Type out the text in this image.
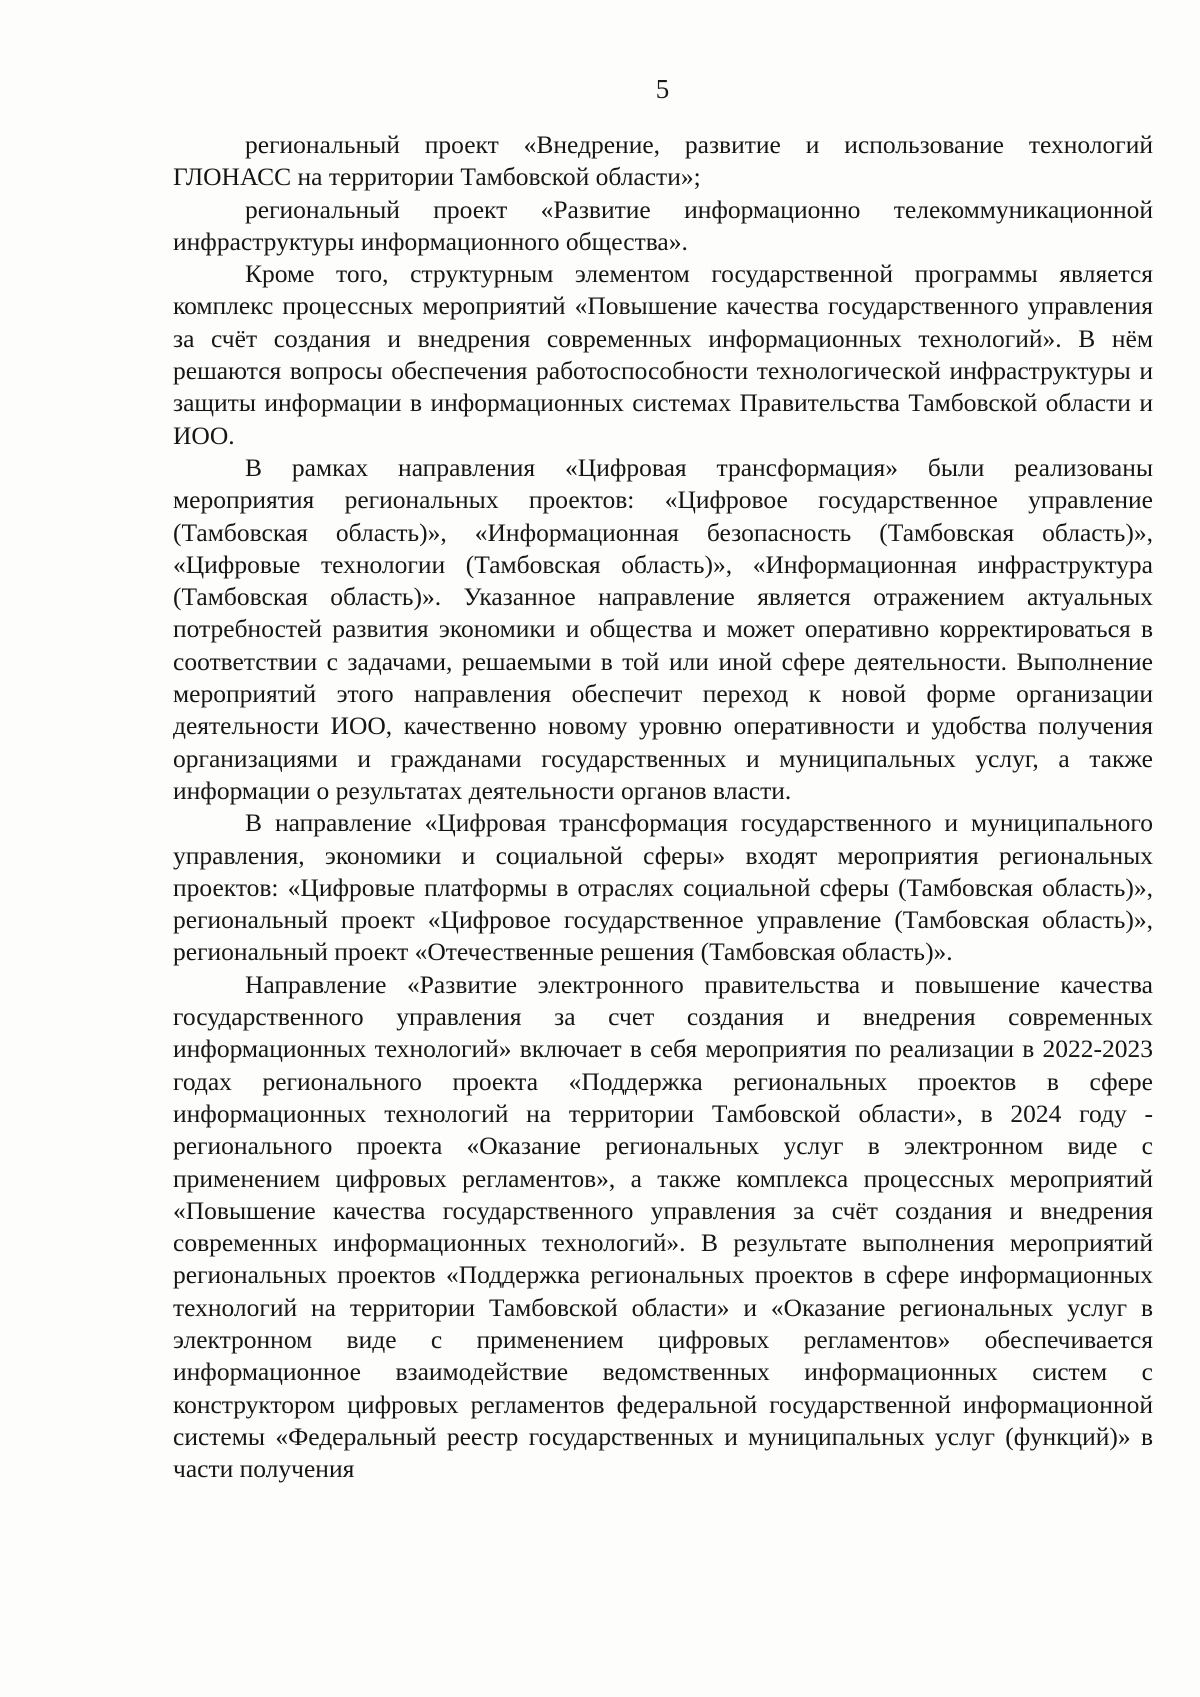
5

региональный проект «Внедрение, развитие и использование технологий ГЛОНАСС на территории Тамбовской области»;

региональный проект «Развитие информационно телекоммуникационной инфраструктуры информационного общества».

Кроме того, структурным элементом государственной программы является комплекс процессных мероприятий «Повышение качества государственного управления за счёт создания и внедрения современных информационных технологий». В нём решаются вопросы обеспечения работоспособности технологической инфраструктуры и защиты информации в информационных системах Правительства Тамбовской области и ИОО.

В рамках направления «Цифровая трансформация» были реализованы мероприятия региональных проектов: «Цифровое государственное управление (Тамбовская область)», «Информационная безопасность (Тамбовская область)», «Цифровые технологии (Тамбовская область)», «Информационная инфраструктура (Тамбовская область)». Указанное направление является отражением актуальных потребностей развития экономики и общества и может оперативно корректироваться в соответствии с задачами, решаемыми в той или иной сфере деятельности. Выполнение мероприятий этого направления обеспечит переход к новой форме организации деятельности ИОО, качественно новому уровню оперативности и удобства получения организациями и гражданами государственных и муниципальных услуг, а также информации о результатах деятельности органов власти.

В направление «Цифровая трансформация государственного и муниципального управления, экономики и социальной сферы» входят мероприятия региональных проектов: «Цифровые платформы в отраслях социальной сферы (Тамбовская область)», региональный проект «Цифровое государственное управление (Тамбовская область)», региональный проект «Отечественные решения (Тамбовская область)».

Направление «Развитие электронного правительства и повышение качества государственного управления за счет создания и внедрения современных информационных технологий» включает в себя мероприятия по реализации в 2022-2023 годах регионального проекта «Поддержка региональных проектов в сфере информационных технологий на территории Тамбовской области», в 2024 году - регионального проекта «Оказание региональных услуг в электронном виде с применением цифровых регламентов», а также комплекса процессных мероприятий «Повышение качества государственного управления за счёт создания и внедрения современных информационных технологий». В результате выполнения мероприятий региональных проектов «Поддержка региональных проектов в сфере информационных технологий на территории Тамбовской области» и «Оказание региональных услуг в электронном виде с применением цифровых регламентов» обеспечивается информационное взаимодействие ведомственных информационных систем с конструктором цифровых регламентов федеральной государственной информационной системы «Федеральный реестр государственных и муниципальных услуг (функций)» в части получения
